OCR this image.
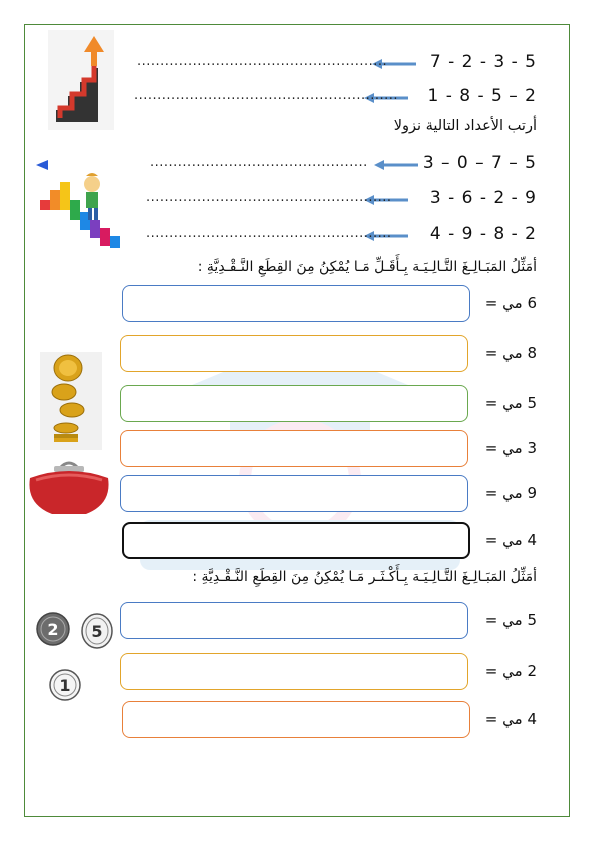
7 - 2 - 3 - 5
......................................................
1 - 8 - 5 – 2
.........................................................
أرتب الأعداد التالية نزولا
3 – 0 – 7 – 5
...............................................
3 - 6 - 2 - 9
.....................................................
4 - 9 - 8 - 2
.....................................................
أمَثِّلُ المَبَـالِـغَ التَّـالِـيَـة بِـأَقَـلِّ مَـا يُمْكِنُ مِنَ القِطَعِ النَّـقْـدِيَّةِ :
6 مي =
8 مي =
5 مي =
3 مي =
9 مي =
4 مي =
أمَثِّلُ المَبَـالِـغَ التَّـالِـيَـة بِـأَكْـثَـر مَـا يُمْكِنُ مِنَ القِطَعِ النَّـقْـدِيَّةِ :
2 5
1
5 مي =
2 مي =
4 مي =
